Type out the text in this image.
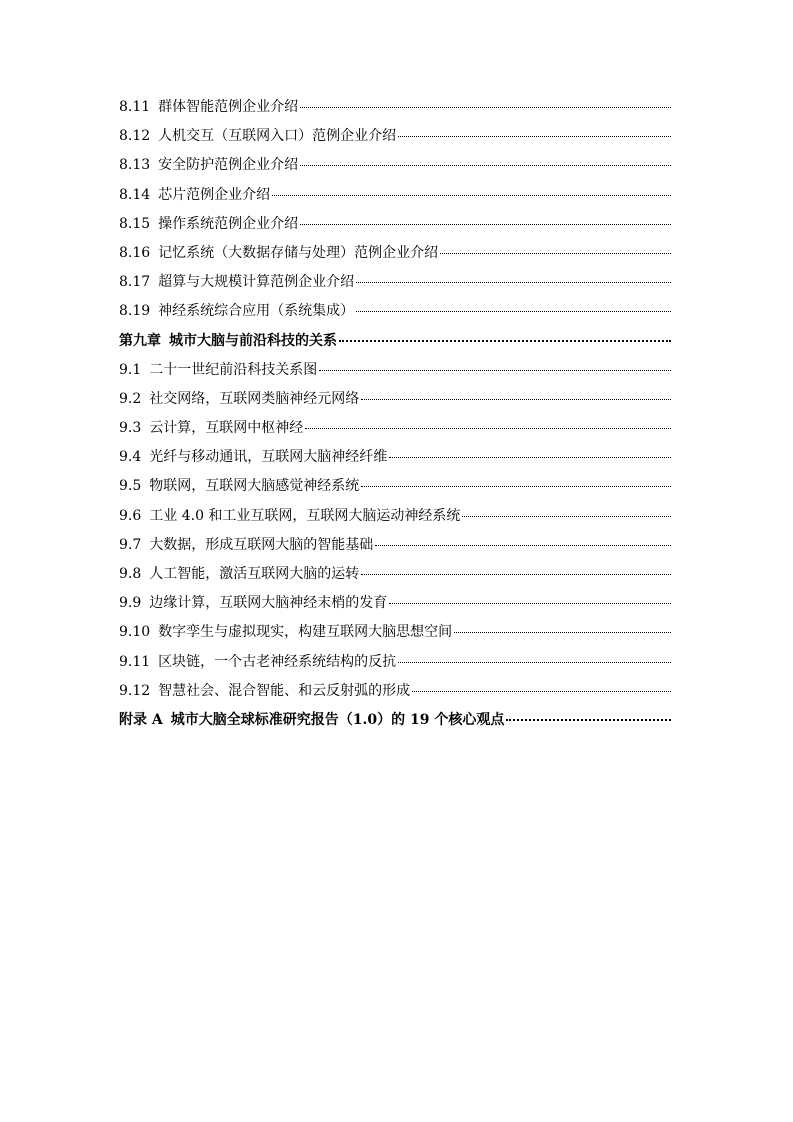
8.11 群体智能范例企业介绍
8.12 人机交互（互联网入口）范例企业介绍
8.13 安全防护范例企业介绍
8.14 芯片范例企业介绍
8.15 操作系统范例企业介绍
8.16 记忆系统（大数据存储与处理）范例企业介绍
8.17 超算与大规模计算范例企业介绍
8.19 神经系统综合应用（系统集成）
第九章 城市大脑与前沿科技的关系
9.1 二十一世纪前沿科技关系图
9.2 社交网络，互联网类脑神经元网络
9.3 云计算，互联网中枢神经
9.4 光纤与移动通讯，互联网大脑神经纤维
9.5 物联网，互联网大脑感觉神经系统
9.6 工业 4.0 和工业互联网，互联网大脑运动神经系统
9.7 大数据，形成互联网大脑的智能基础
9.8 人工智能，激活互联网大脑的运转
9.9 边缘计算，互联网大脑神经末梢的发育
9.10 数字孪生与虚拟现实，构建互联网大脑思想空间
9.11 区块链，一个古老神经系统结构的反抗
9.12 智慧社会、混合智能、和云反射弧的形成
附录 A 城市大脑全球标准研究报告（1.0）的 19 个核心观点
